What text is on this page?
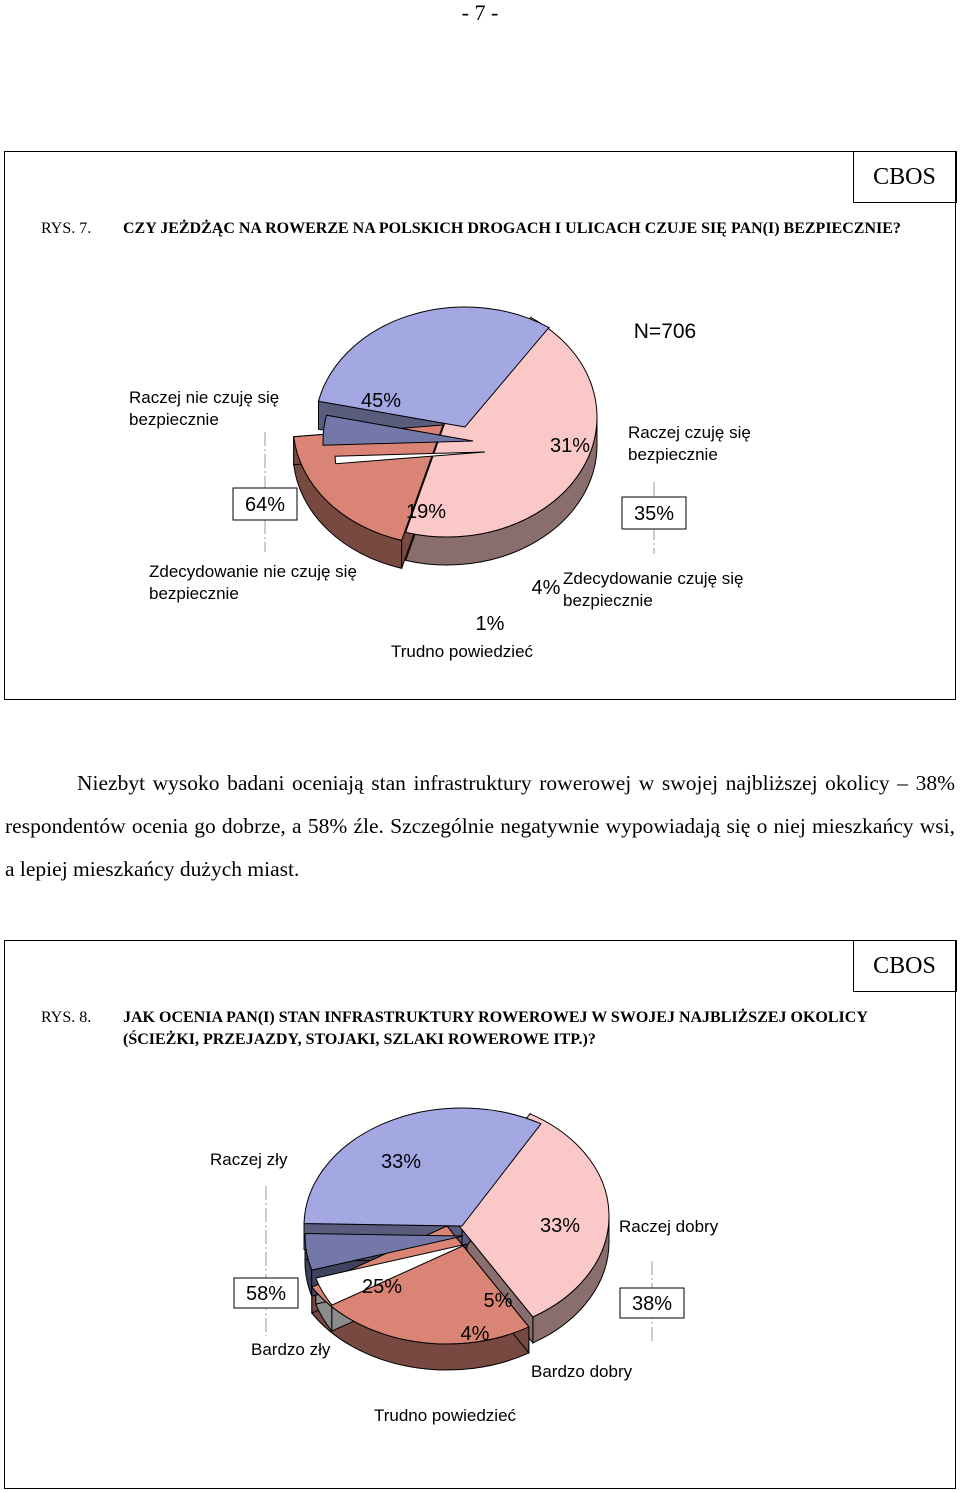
- 7 -
CBOS
RYS. 7. CZY JEŻDŻĄC NA ROWERZE NA POLSKICH DROGACH I ULICACH CZUJE SIĘ PAN(I) BEZPIECZNIE?
N=706
45%
19%
1%
4%
31%
64%	35%
Raczej nie czuję się
bezpiecznie
Raczej czuję się
bezpiecznie
Zdecydowanie nie czuję się
bezpiecznie
Zdecydowanie czuję się
bezpiecznie
Trudno powiedzieć
Niezbyt wysoko badani oceniają stan infrastruktury rowerowej w swojej najbliższej okolicy – 38% respondentów ocenia go dobrze, a 58% źle. Szczególnie negatywnie wypowiadają się o niej mieszkańcy wsi, a lepiej mieszkańcy dużych miast.
CBOS
RYS. 8. JAK OCENIA PAN(I) STAN INFRASTRUKTURY ROWEROWEJ W SWOJEJ NAJBLIŻSZEJ OKOLICY (ŚCIEŻKI, PRZEJAZDY, STOJAKI, SZLAKI ROWEROWE ITP.)?
33%
25%
4%
5%
33%
58%	38%
Raczej zły
Raczej dobry
Bardzo zły
Bardzo dobry
Trudno powiedzieć
